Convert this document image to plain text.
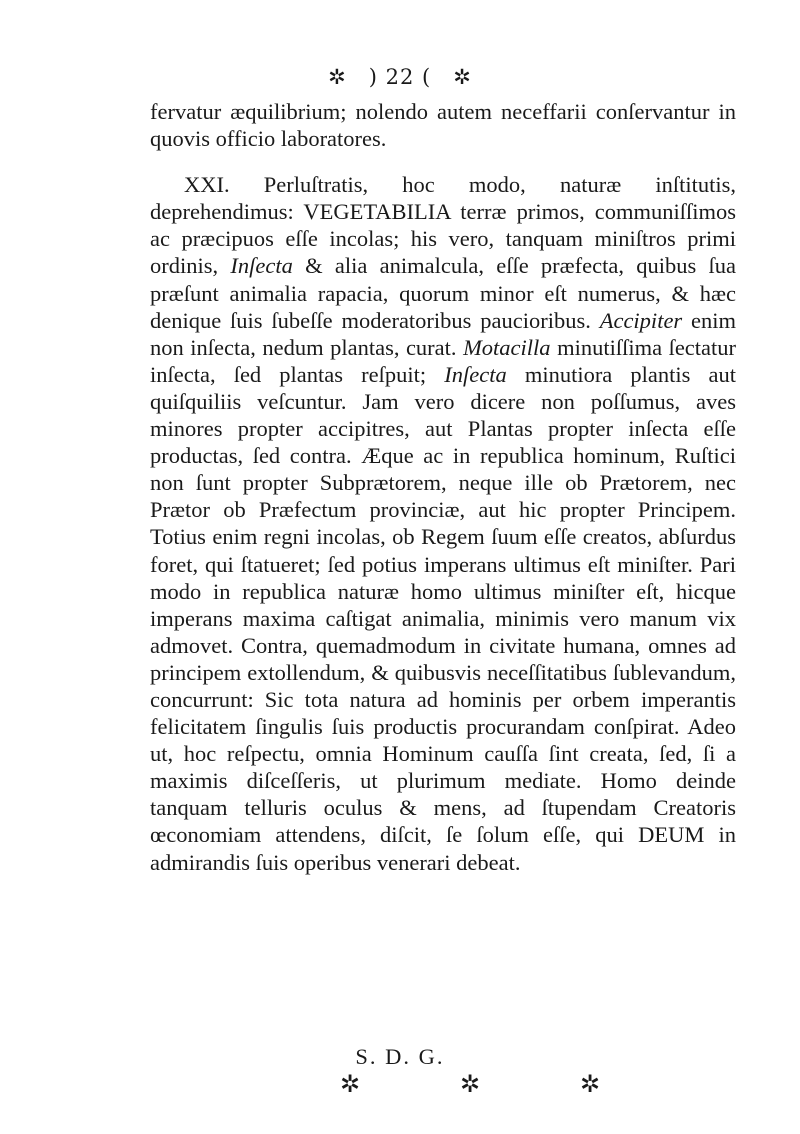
✲ ) 22 ( ✲

fervatur æquilibrium; nolendo autem neceffarii conſervantur in quovis officio laboratores.

XXI. Perluſtratis, hoc modo, naturæ inſtitutis, deprehendimus: VEGETABILIA terræ primos, communiſſimos ac præcipuos eſſe incolas; his vero, tanquam miniſtros primi ordinis, Inſecta & alia animalcula, eſſe præfecta, quibus ſua præſunt animalia rapacia, quorum minor eſt numerus, & hæc denique ſuis ſubeſſe moderatoribus paucioribus. Accipiter enim non inſecta, nedum plantas, curat. Motacilla minutiſſima ſectatur inſecta, ſed plantas reſpuit; Inſecta minutiora plantis aut quiſquiliis veſcuntur. Jam vero dicere non poſſumus, aves minores propter accipitres, aut Plantas propter inſecta eſſe productas, ſed contra. Æque ac in republica hominum, Ruſtici non ſunt propter Subprætorem, neque ille ob Prætorem, nec Prætor ob Præfectum provinciæ, aut hic propter Principem. Totius enim regni incolas, ob Regem ſuum eſſe creatos, abſurdus foret, qui ſtatueret; ſed potius imperans ultimus eſt miniſter. Pari modo in republica naturæ homo ultimus miniſter eſt, hicque imperans maxima caſtigat animalia, minimis vero manum vix admovet. Contra, quemadmodum in civitate humana, omnes ad principem extollendum, & quibusvis neceſſitatibus ſublevandum, concurrunt: Sic tota natura ad hominis per orbem imperantis felicitatem ſingulis ſuis productis procurandam conſpirat. Adeo ut, hoc reſpectu, omnia Hominum cauſſa ſint creata, ſed, ſi a maximis diſceſſeris, ut plurimum mediate. Homo deinde tanquam telluris oculus & mens, ad ſtupendam Creatoris œconomiam attendens, diſcit, ſe ſolum eſſe, qui DEUM in admirandis ſuis operibus venerari debeat.

S. D. G.
✲	✲	✲
